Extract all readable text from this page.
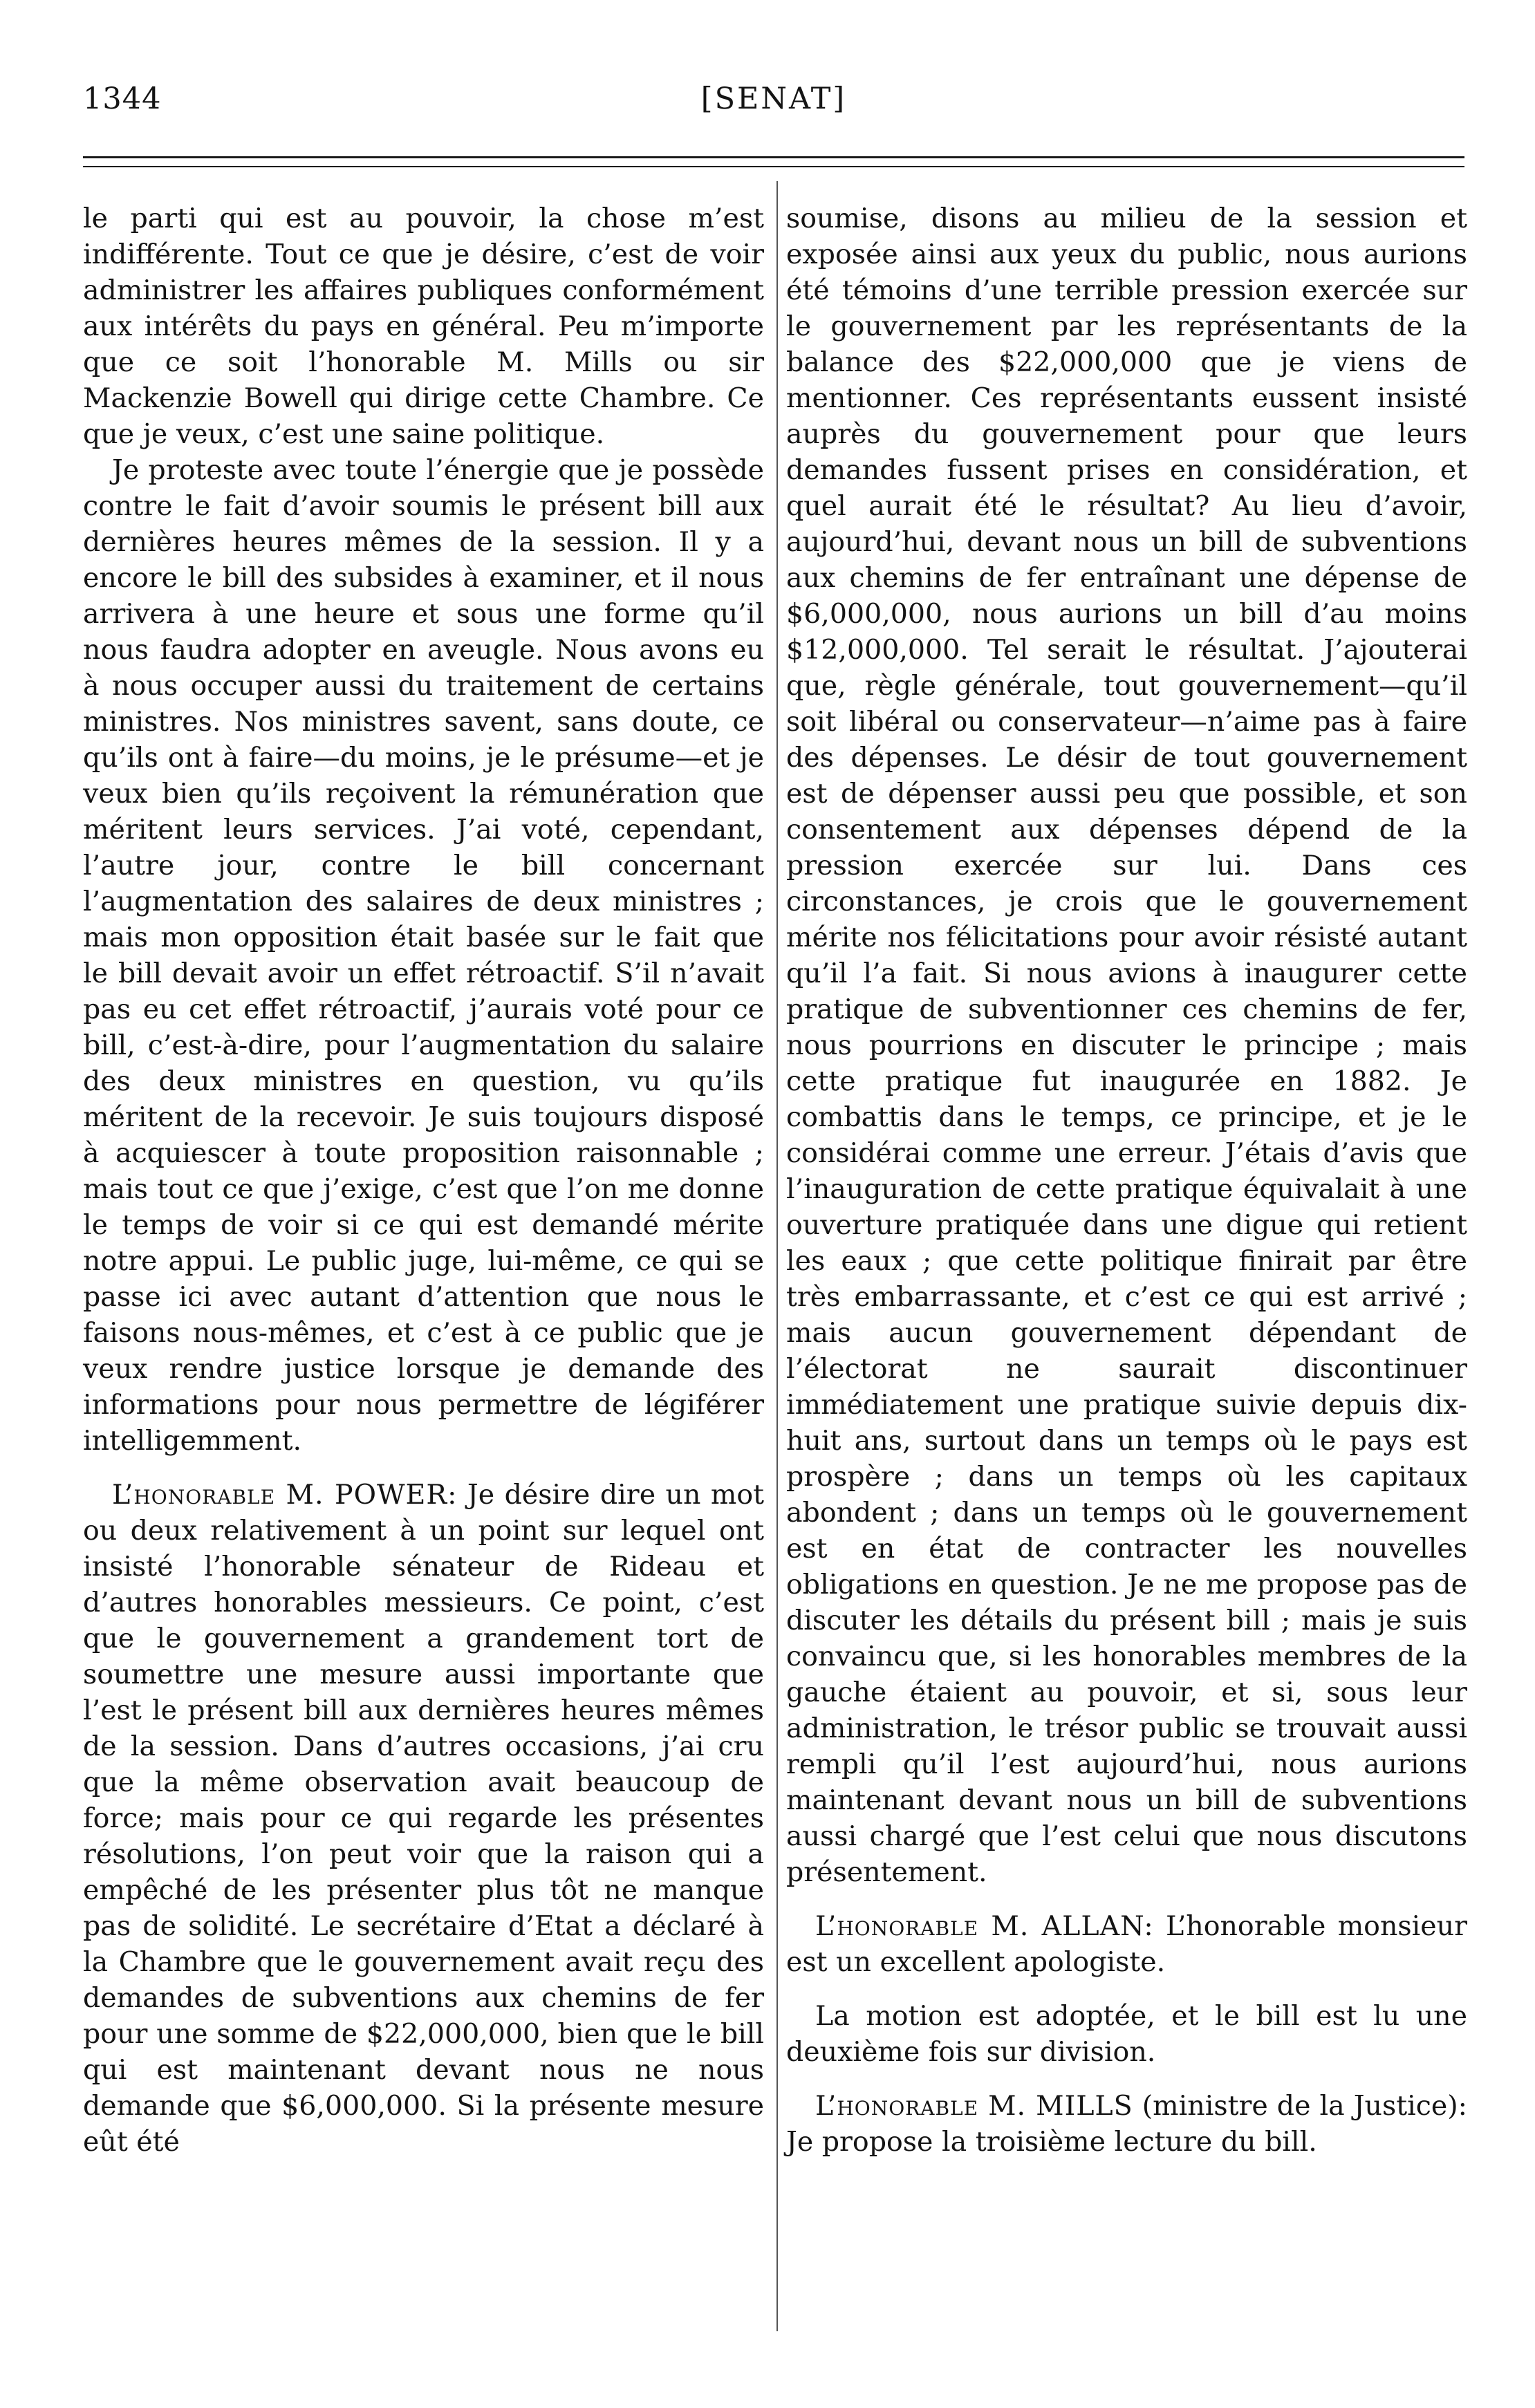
1344	[SENAT]

le parti qui est au pouvoir, la chose m’est indifférente. Tout ce que je désire, c’est de voir administrer les affaires publiques conformément aux intérêts du pays en général. Peu m’importe que ce soit l’honorable M. Mills ou sir Mackenzie Bowell qui dirige cette Chambre. Ce que je veux, c’est une saine politique.

Je proteste avec toute l’énergie que je possède contre le fait d’avoir soumis le présent bill aux dernières heures mêmes de la session. Il y a encore le bill des subsides à examiner, et il nous arrivera à une heure et sous une forme qu’il nous faudra adopter en aveugle. Nous avons eu à nous occuper aussi du traitement de certains ministres. Nos ministres savent, sans doute, ce qu’ils ont à faire—du moins, je le présume—et je veux bien qu’ils reçoivent la rémunération que méritent leurs services. J’ai voté, cependant, l’autre jour, contre le bill concernant l’augmentation des salaires de deux ministres ; mais mon opposition était basée sur le fait que le bill devait avoir un effet rétroactif. S’il n’avait pas eu cet effet rétroactif, j’aurais voté pour ce bill, c’est-à-dire, pour l’augmentation du salaire des deux ministres en question, vu qu’ils méritent de la recevoir. Je suis toujours disposé à acquiescer à toute proposition raisonnable ; mais tout ce que j’exige, c’est que l’on me donne le temps de voir si ce qui est demandé mérite notre appui. Le public juge, lui-même, ce qui se passe ici avec autant d’attention que nous le faisons nous-mêmes, et c’est à ce public que je veux rendre justice lorsque je demande des informations pour nous permettre de légiférer intelligemment.

L’honorable M. POWER: Je désire dire un mot ou deux relativement à un point sur lequel ont insisté l’honorable sénateur de Rideau et d’autres honorables messieurs. Ce point, c’est que le gouvernement a grandement tort de soumettre une mesure aussi importante que l’est le présent bill aux dernières heures mêmes de la session. Dans d’autres occasions, j’ai cru que la même observation avait beaucoup de force; mais pour ce qui regarde les présentes résolutions, l’on peut voir que la raison qui a empêché de les présenter plus tôt ne manque pas de solidité. Le secrétaire d’Etat a déclaré à la Chambre que le gouvernement avait reçu des demandes de subventions aux chemins de fer pour une somme de $22,000,000, bien que le bill qui est maintenant devant nous ne nous demande que $6,000,000. Si la présente mesure eût été

soumise, disons au milieu de la session et exposée ainsi aux yeux du public, nous aurions été témoins d’une terrible pression exercée sur le gouvernement par les représentants de la balance des $22,000,000 que je viens de mentionner. Ces représentants eussent insisté auprès du gouvernement pour que leurs demandes fussent prises en considération, et quel aurait été le résultat? Au lieu d’avoir, aujourd’hui, devant nous un bill de subventions aux chemins de fer entraînant une dépense de $6,000,000, nous aurions un bill d’au moins $12,000,000. Tel serait le résultat. J’ajouterai que, règle générale, tout gouvernement—qu’il soit libéral ou conservateur—n’aime pas à faire des dépenses. Le désir de tout gouvernement est de dépenser aussi peu que possible, et son consentement aux dépenses dépend de la pression exercée sur lui. Dans ces circonstances, je crois que le gouvernement mérite nos félicitations pour avoir résisté autant qu’il l’a fait. Si nous avions à inaugurer cette pratique de subventionner ces chemins de fer, nous pourrions en discuter le principe ; mais cette pratique fut inaugurée en 1882. Je combattis dans le temps, ce principe, et je le considérai comme une erreur. J’étais d’avis que l’inauguration de cette pratique équivalait à une ouverture pratiquée dans une digue qui retient les eaux ; que cette politique finirait par être très embarrassante, et c’est ce qui est arrivé ; mais aucun gouvernement dépendant de l’électorat ne saurait discontinuer immédiatement une pratique suivie depuis dix-huit ans, surtout dans un temps où le pays est prospère ; dans un temps où les capitaux abondent ; dans un temps où le gouvernement est en état de contracter les nouvelles obligations en question. Je ne me propose pas de discuter les détails du présent bill ; mais je suis convaincu que, si les honorables membres de la gauche étaient au pouvoir, et si, sous leur administration, le trésor public se trouvait aussi rempli qu’il l’est aujourd’hui, nous aurions maintenant devant nous un bill de subventions aussi chargé que l’est celui que nous discutons présentement.

L’honorable M. ALLAN: L’honorable monsieur est un excellent apologiste.

La motion est adoptée, et le bill est lu une deuxième fois sur division.

L’honorable M. MILLS (ministre de la Justice): Je propose la troisième lecture du bill.
